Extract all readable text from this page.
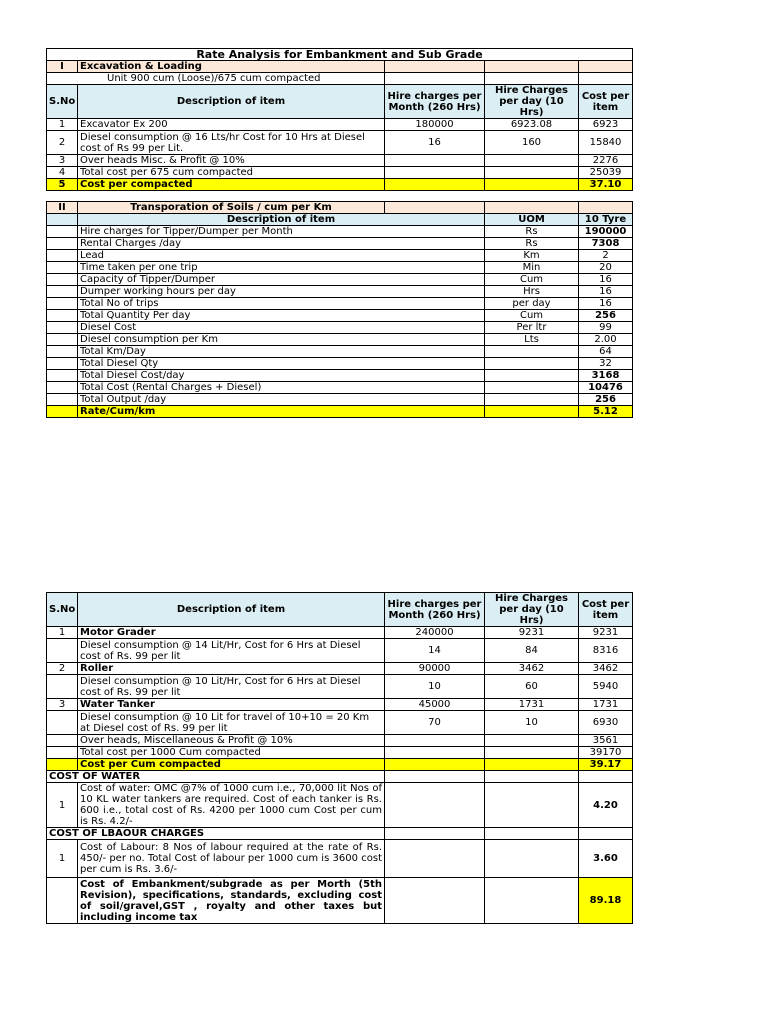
Rate Analysis for Embankment and Sub Grade				
I	Excavation & Loading			
Unit 900 cum (Loose)/675 cum compacted				
S.No	Description of item	Hire charges per Month (260 Hrs)	Hire Charges per day (10 Hrs)	Cost per item
1	Excavator Ex 200	180000	6923.08	6923
2	Diesel consumption @ 16 Lts/hr Cost for 10 Hrs at Diesel cost of Rs 99 per Lit.	16	160	15840
3	Over heads Misc. & Profit @ 10%			2276
4	Total cost per 675 cum compacted			25039
5	Cost per compacted			37.10

II	Transporation of Soils / cum per Km			
	Description of item		UOM	10 Tyre
	Hire charges for Tipper/Dumper per Month		Rs	190000
	Rental Charges /day		Rs	7308
	Lead		Km	2
	Time taken per one trip		Min	20
	Capacity of Tipper/Dumper		Cum	16
	Dumper working hours per day		Hrs	16
	Total No of trips		per day	16
	Total Quantity Per day		Cum	256
	Diesel Cost		Per ltr	99
	Diesel consumption per Km		Lts	2.00
	Total Km/Day			64
	Total Diesel Qty			32
	Total Diesel Cost/day			3168
	Total Cost (Rental Charges + Diesel)			10476
	Total Output /day			256
	Rate/Cum/km			5.12
S.No	Description of item	Hire charges per Month (260 Hrs)	Hire Charges per day (10 Hrs)	Cost per item
1	Motor Grader	240000	9231	9231
	Diesel consumption @ 14 Lit/Hr, Cost for 6 Hrs at Diesel cost of Rs. 99 per lit	14	84	8316
2	Roller	90000	3462	3462
	Diesel consumption @ 10 Lit/Hr, Cost for 6 Hrs at Diesel cost of Rs. 99 per lit	10	60	5940
3	Water Tanker	45000	1731	1731
	Diesel consumption @ 10 Lit for travel of 10+10 = 20 Km at Diesel cost of Rs. 99 per lit	70	10	6930
	Over heads, Miscellaneous & Profit @ 10%			3561
	Total cost per 1000 Cum compacted			39170
	Cost per Cum compacted			39.17
COST OF WATER				
1	Cost of water: OMC @7% of 1000 cum i.e., 70,000 lit Nos of 10 KL water tankers are required. Cost of each tanker is Rs. 600 i.e., total cost of Rs. 4200 per 1000 cum Cost per cum is Rs. 4.2/-			4.20
COST OF LBAOUR CHARGES				
1	Cost of Labour: 8 Nos of labour required at the rate of Rs. 450/- per no. Total Cost of labour per 1000 cum is 3600 cost per cum is Rs. 3.6/-			3.60
	Cost of Embankment/subgrade as per Morth (5th Revision), specifications, standards, excluding cost of soil/gravel,GST , royalty and other taxes but including income tax			89.18
